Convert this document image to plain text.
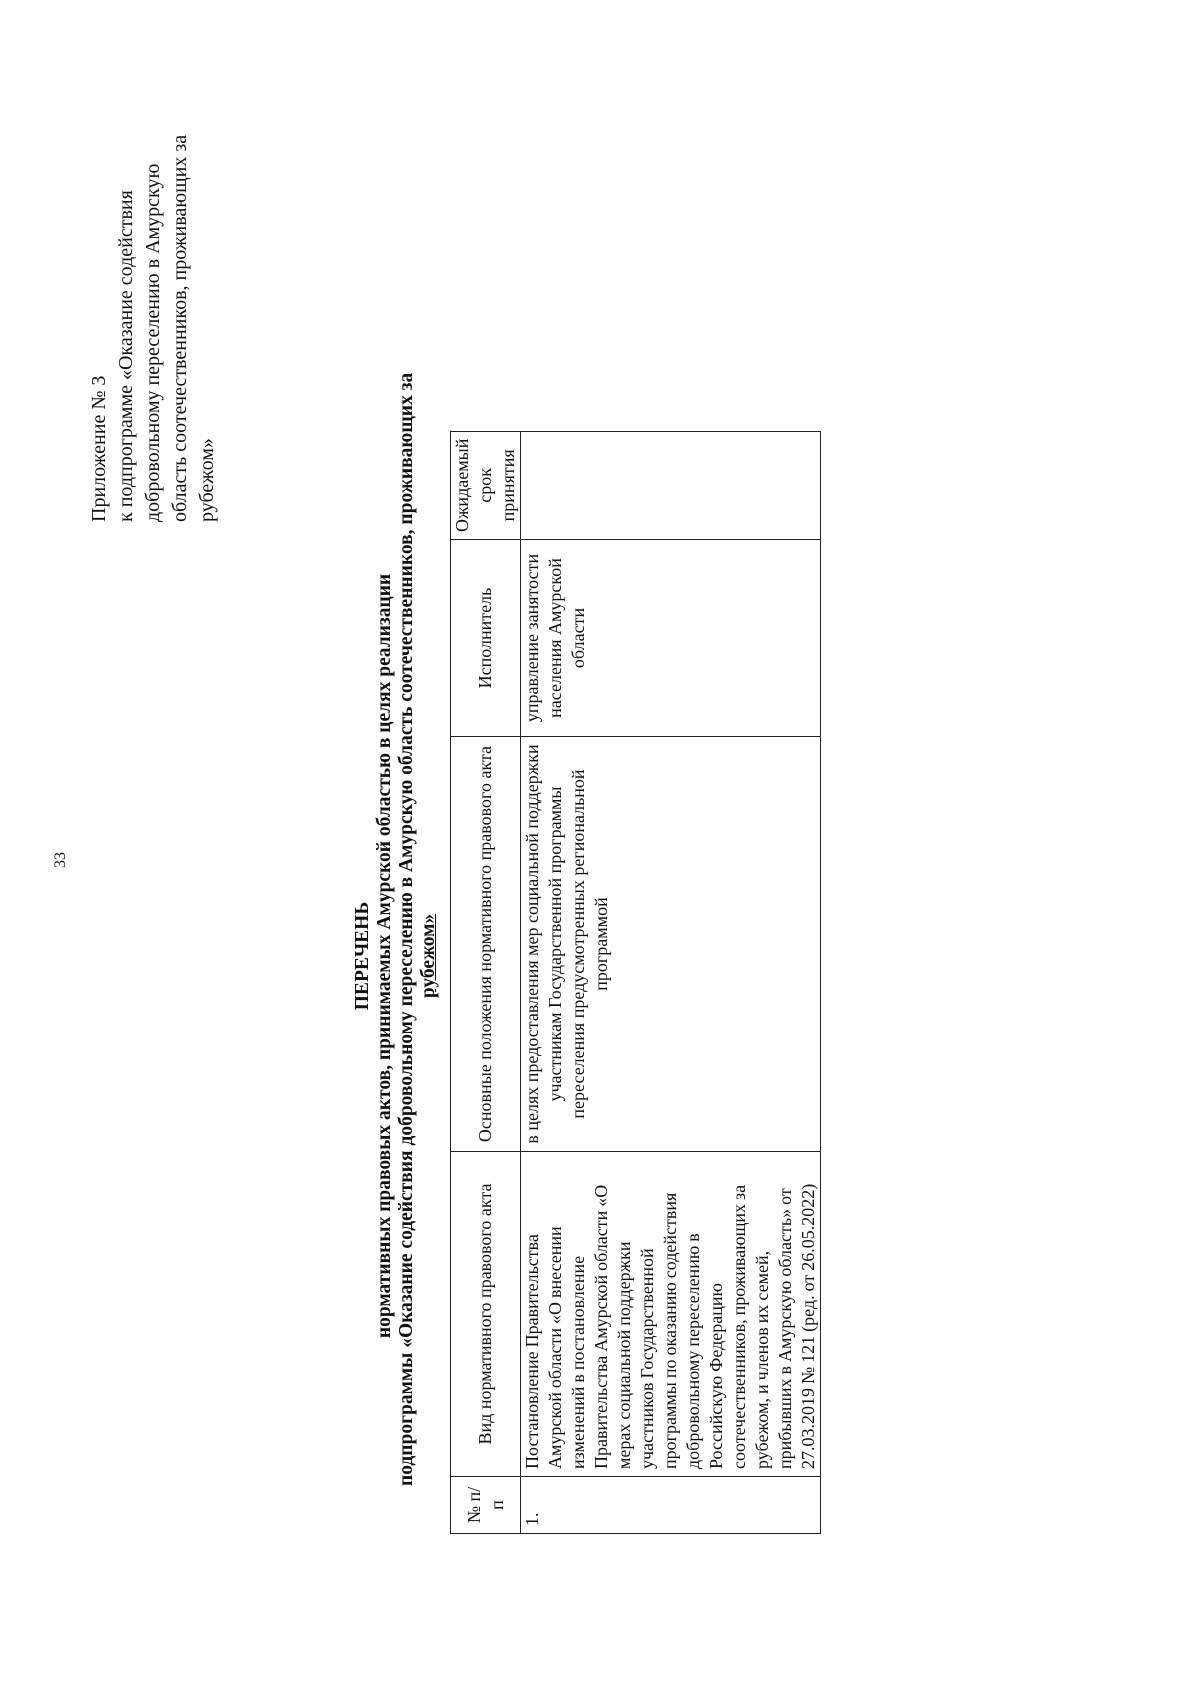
33
Приложение № 3 к подпрограмме «Оказание содействия добровольному переселению в Амурскую область соотечественников, проживающих за рубежом»
ПЕРЕЧЕНЬ нормативных правовых актов, принимаемых Амурской областью в целях реализации подпрограммы «Оказание содействия добровольному переселению в Амурскую область соотечественников, проживающих за рубежом»
№ п/п	Вид нормативного правового акта	Основные положения нормативного правового акта	Исполнитель	Ожидаемый срок принятия
1.	Постановление Правительства Амурской области «О внесении изменений в постановление Правительства Амурской области «О мерах социальной поддержки участников Государственной программы по оказанию содействия добровольному переселению в Российскую Федерацию соотечественников, проживающих за рубежом, и членов их семей, прибывших в Амурскую область» от 27.03.2019 № 121 (ред. от 26.05.2022)	в целях предоставления мер социальной поддержки участникам Государственной программы переселения предусмотренных региональной программой	управление занятости населения Амурской области	
